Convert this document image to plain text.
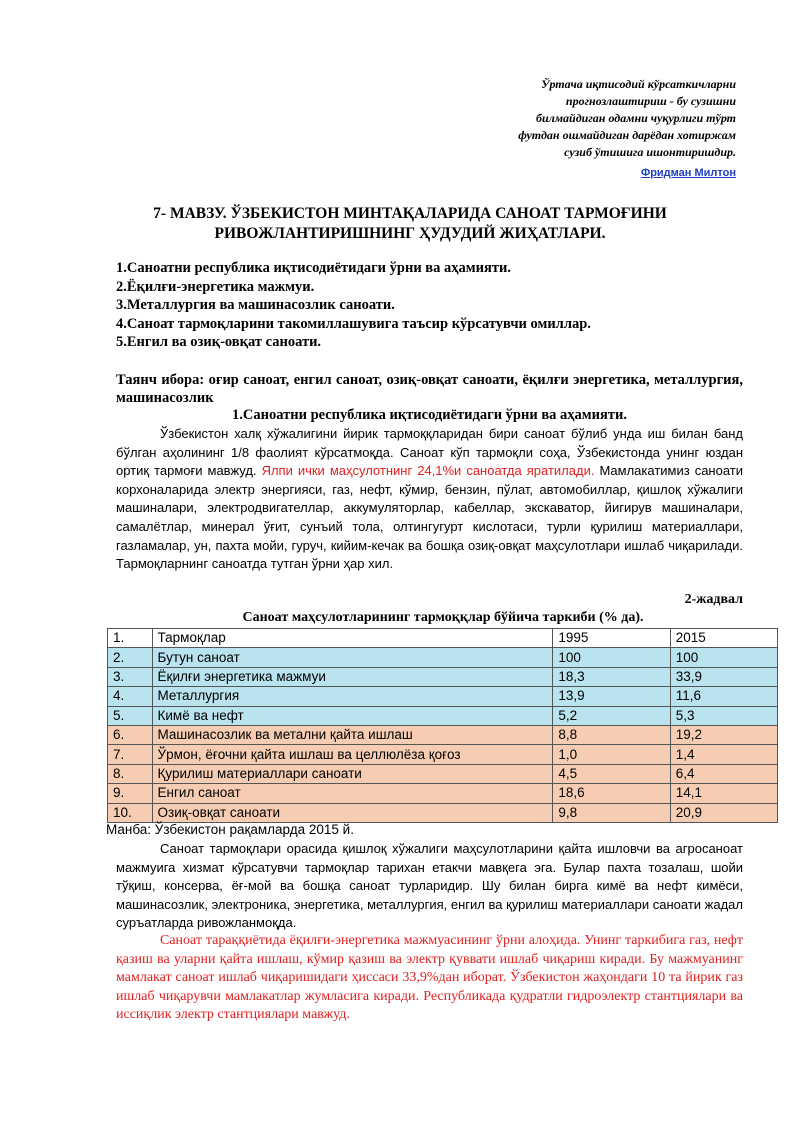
Ўртача иқтисодий кўрсаткичларни
прогнозлаштириш - бу сузишни
билмайдиган одамни чуқурлиги тўрт
футдан ошмайдиган дарёдан хотиржам
сузиб ўтишига ишонтиришдир.
Фридман Милтон
7- МАВЗУ. ЎЗБЕКИСТОН МИНТАҚАЛАРИДА САНОАТ ТАРМОҒИНИ
РИВОЖЛАНТИРИШНИНГ ҲУДУДИЙ ЖИҲАТЛАРИ.
1.Саноатни республика иқтисодиётидаги ўрни ва аҳамияти.
2.Ёқилғи-энергетика мажмуи.
3.Металлургия ва машинасозлик саноати.
4.Саноат тармоқларини такомиллашувига таъсир кўрсатувчи омиллар.
5.Енгил ва озиқ-овқат саноати.
Таянч ибора: оғир саноат, енгил саноат, озиқ-овқат саноати, ёқилғи энергетика, металлургия, машинасозлик
1.Саноатни республика иқтисодиётидаги ўрни ва аҳамияти.
Ўзбекистон халқ хўжалигини йирик тармоққларидан бири саноат бўлиб унда иш билан банд бўлган аҳолининг 1/8 фаолият кўрсатмоқда. Саноат кўп тармоқли соҳа, Ўзбекистонда унинг юздан ортиқ тармоғи мавжуд. Ялпи ички маҳсулотнинг 24,1%и саноатда яратилади. Мамлакатимиз саноати корхоналарида электр энергияси, газ, нефт, кўмир, бензин, пўлат, автомобиллар, қишлоқ хўжалиги машиналари, электродвигателлар, аккумуляторлар, кабеллар, экскаватор, йигирув машиналари, самалётлар, минерал ўғит, сунъий тола, олтингугурт кислотаси, турли қурилиш материаллари, газламалар, ун, пахта мойи, гуруч, кийим-кечак ва бошқа озиқ-овқат маҳсулотлари ишлаб чиқарилади. Тармоқларнинг саноатда тутган ўрни ҳар хил.
2-жадвал
Саноат маҳсулотларининг тармоққлар бўйича таркиби (% да).
1.	Тармоқлар	1995	2015
2.	Бутун саноат	100	100
3.	Ёқилғи энергетика мажмуи	18,3	33,9
4.	Металлургия	13,9	11,6
5.	Кимё ва нефт	5,2	5,3
6.	Машинасозлик ва метални қайта ишлаш	8,8	19,2
7.	Ўрмон, ёғочни қайта ишлаш ва целлюлёза қоғоз	1,0	1,4
8.	Қурилиш материаллари саноати	4,5	6,4
9.	Енгил саноат	18,6	14,1
10.	Озиқ-овқат саноати	9,8	20,9
Манба: Ўзбекистон рақамларда 2015 й.
Саноат тармоқлари орасида қишлоқ хўжалиги маҳсулотларини қайта ишловчи ва агросаноат мажмуига хизмат кўрсатувчи тармоқлар тарихан етакчи мавқега эга. Булар пахта тозалаш, шойи тўқиш, консерва, ёғ-мой ва бошқа саноат турларидир. Шу билан бирга кимё ва нефт кимёси, машинасозлик, электроника, энергетика, металлургия, енгил ва қурилиш материаллари саноати жадал суръатларда ривожланмоқда.
Саноат тараққиётида ёқилғи-энергетика мажмуасининг ўрни алоҳида. Унинг таркибига газ, нефт қазиш ва уларни қайта ишлаш, кўмир қазиш ва электр қуввати ишлаб чиқариш киради. Бу мажмуанинг мамлакат саноат ишлаб чиқаришидаги ҳиссаси 33,9%дан иборат. Ўзбекистон жаҳондаги 10 та йирик газ ишлаб чиқарувчи мамлакатлар жумласига киради. Республикада қудратли гидроэлектр стантциялари ва иссиқлик электр стантциялари мавжуд.
